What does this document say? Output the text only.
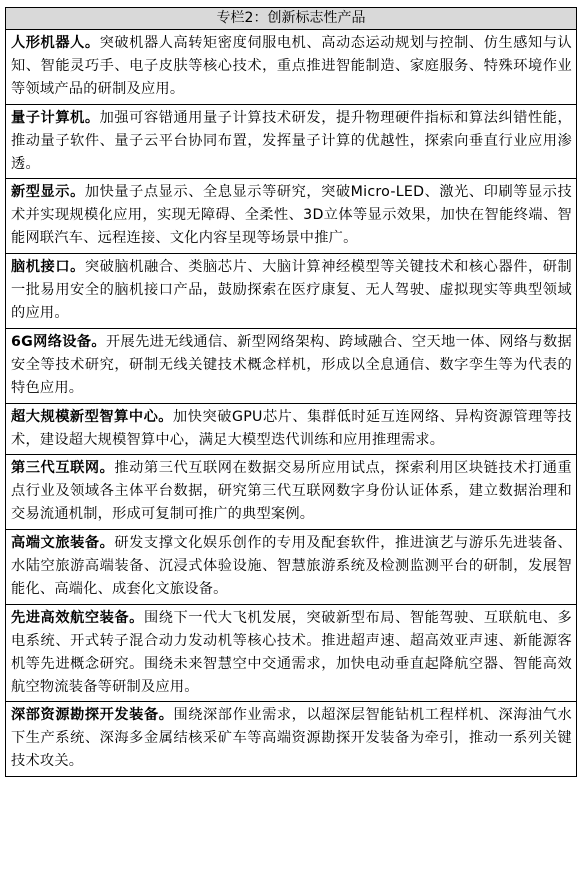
专栏2：创新标志性产品
人形机器人。突破机器人高转矩密度伺服电机、高动态运动规划与控制、仿生感知与认知、智能灵巧手、电子皮肤等核心技术，重点推进智能制造、家庭服务、特殊环境作业等领域产品的研制及应用。
量子计算机。加强可容错通用量子计算技术研发，提升物理硬件指标和算法纠错性能，推动量子软件、量子云平台协同布置，发挥量子计算的优越性，探索向垂直行业应用渗透。
新型显示。加快量子点显示、全息显示等研究，突破Micro-LED、激光、印刷等显示技术并实现规模化应用，实现无障碍、全柔性、3D立体等显示效果，加快在智能终端、智能网联汽车、远程连接、文化内容呈现等场景中推广。
脑机接口。突破脑机融合、类脑芯片、大脑计算神经模型等关键技术和核心器件，研制一批易用安全的脑机接口产品，鼓励探索在医疗康复、无人驾驶、虚拟现实等典型领域的应用。
6G网络设备。开展先进无线通信、新型网络架构、跨域融合、空天地一体、网络与数据安全等技术研究，研制无线关键技术概念样机，形成以全息通信、数字孪生等为代表的特色应用。
超大规模新型智算中心。加快突破GPU芯片、集群低时延互连网络、异构资源管理等技术，建设超大规模智算中心，满足大模型迭代训练和应用推理需求。
第三代互联网。推动第三代互联网在数据交易所应用试点，探索利用区块链技术打通重点行业及领域各主体平台数据，研究第三代互联网数字身份认证体系，建立数据治理和交易流通机制，形成可复制可推广的典型案例。
高端文旅装备。研发支撑文化娱乐创作的专用及配套软件，推进演艺与游乐先进装备、水陆空旅游高端装备、沉浸式体验设施、智慧旅游系统及检测监测平台的研制，发展智能化、高端化、成套化文旅设备。
先进高效航空装备。围绕下一代大飞机发展，突破新型布局、智能驾驶、互联航电、多电系统、开式转子混合动力发动机等核心技术。推进超声速、超高效亚声速、新能源客机等先进概念研究。围绕未来智慧空中交通需求，加快电动垂直起降航空器、智能高效航空物流装备等研制及应用。
深部资源勘探开发装备。围绕深部作业需求，以超深层智能钻机工程样机、深海油气水下生产系统、深海多金属结核采矿车等高端资源勘探开发装备为牵引，推动一系列关键技术攻关。
